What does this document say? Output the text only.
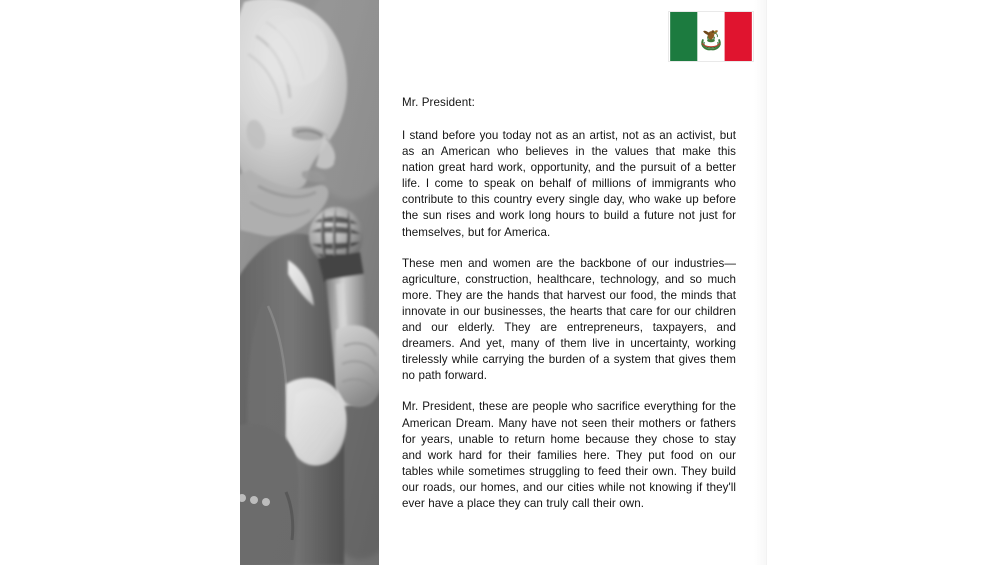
Mr. President:

I stand before you today not as an artist, not as an activist, but as an American who believes in the values that make this nation great hard work, opportunity, and the pursuit of a better life. I come to speak on behalf of millions of immigrants who contribute to this country every single day, who wake up before the sun rises and work long hours to build a future not just for themselves, but for America.

These men and women are the backbone of our industries—agriculture, construction, healthcare, technology, and so much more. They are the hands that harvest our food, the minds that innovate in our businesses, the hearts that care for our children and our elderly. They are entrepreneurs, taxpayers, and dreamers. And yet, many of them live in uncertainty, working tirelessly while carrying the burden of a system that gives them no path forward.

Mr. President, these are people who sacrifice everything for the American Dream. Many have not seen their mothers or fathers for years, unable to return home because they chose to stay and work hard for their families here. They put food on our tables while sometimes struggling to feed their own. They build our roads, our homes, and our cities while not knowing if they'll ever have a place they can truly call their own.
